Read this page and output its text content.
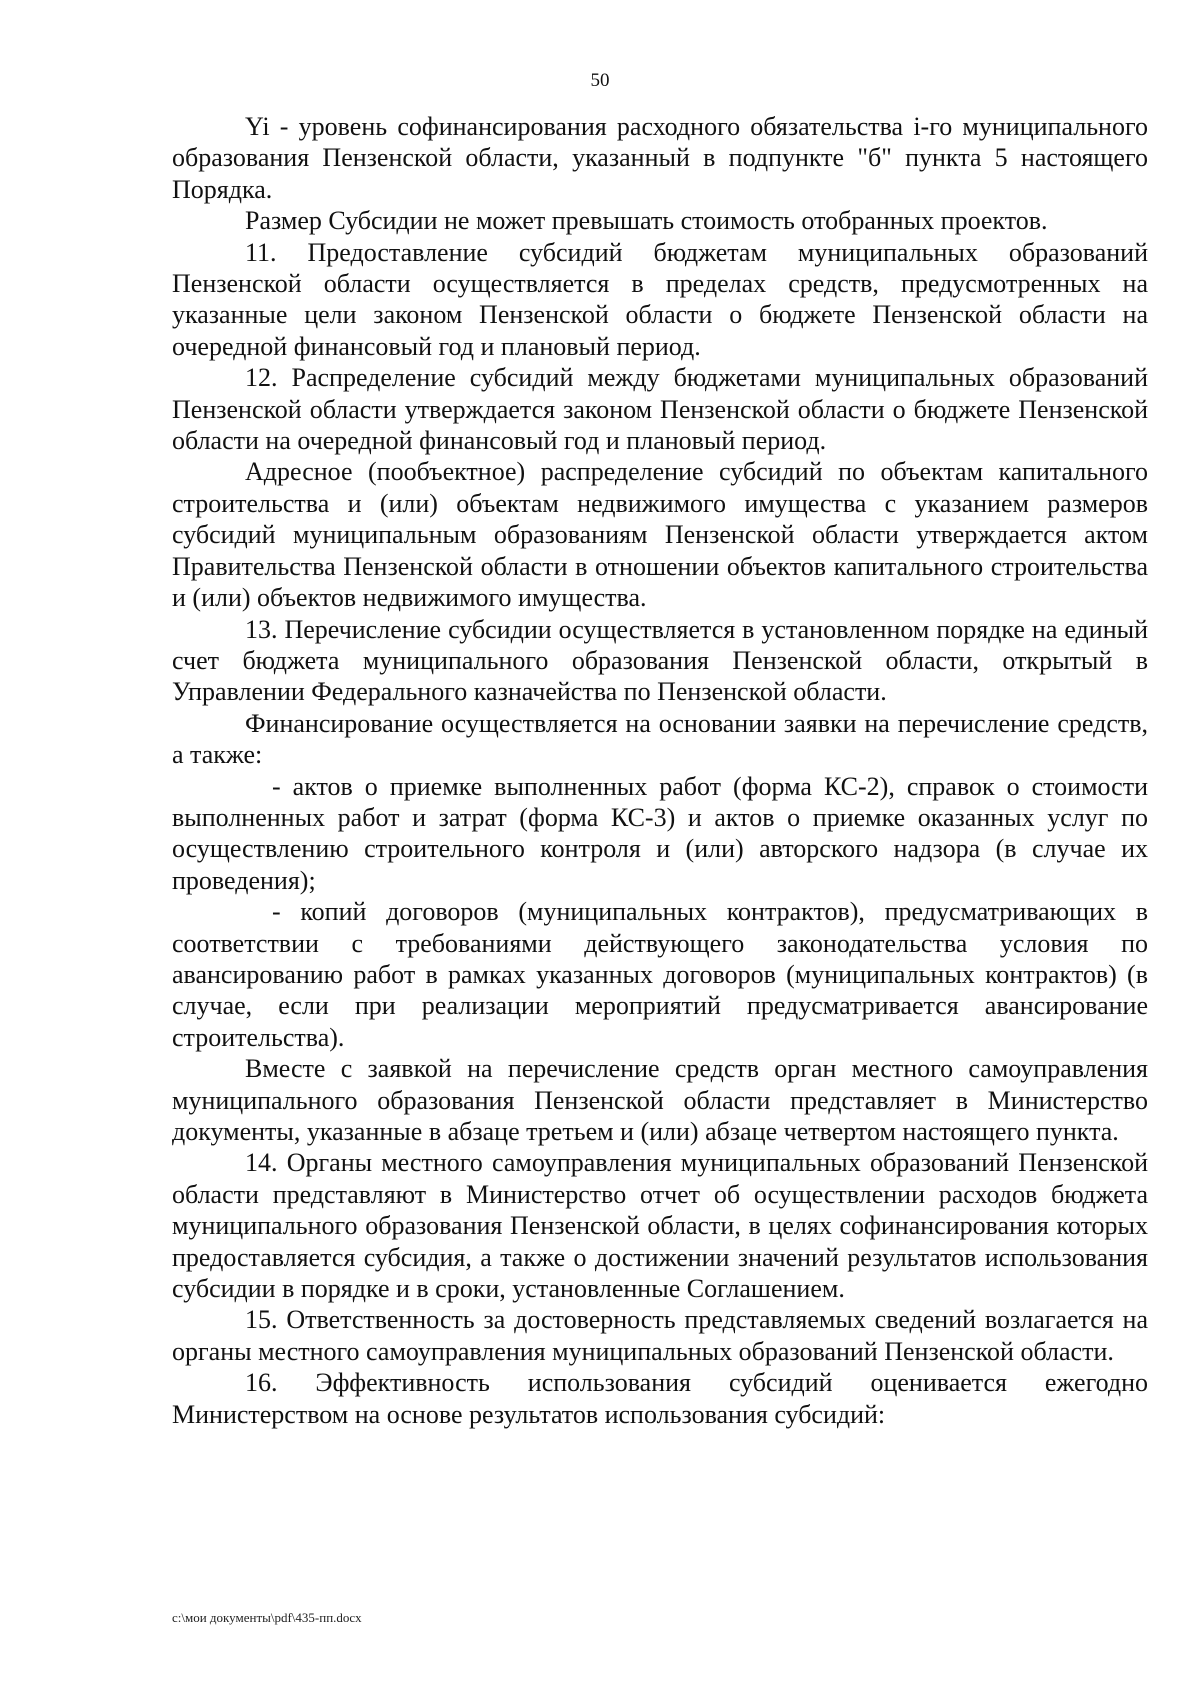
50

Yi - уровень софинансирования расходного обязательства i-го муниципального образования Пензенской области, указанный в подпункте "б" пункта 5 настоящего Порядка.

Размер Субсидии не может превышать стоимость отобранных проектов.

11. Предоставление субсидий бюджетам муниципальных образований Пензенской области осуществляется в пределах средств, предусмотренных на указанные цели законом Пензенской области о бюджете Пензенской области на очередной финансовый год и плановый период.

12. Распределение субсидий между бюджетами муниципальных образований Пензенской области утверждается законом Пензенской области о бюджете Пензенской области на очередной финансовый год и плановый период.

Адресное (пообъектное) распределение субсидий по объектам капитального строительства и (или) объектам недвижимого имущества с указанием размеров субсидий муниципальным образованиям Пензенской области утверждается актом Правительства Пензенской области в отношении объектов капитального строительства и (или) объектов недвижимого имущества.

13. Перечисление субсидии осуществляется в установленном порядке на единый счет бюджета муниципального образования Пензенской области, открытый в Управлении Федерального казначейства по Пензенской области.

Финансирование осуществляется на основании заявки на перечисление средств, а также:

- актов о приемке выполненных работ (форма КС-2), справок о стоимости выполненных работ и затрат (форма КС-3) и актов о приемке оказанных услуг по осуществлению строительного контроля и (или) авторского надзора (в случае их проведения);

- копий договоров (муниципальных контрактов), предусматривающих в соответствии с требованиями действующего законодательства условия по авансированию работ в рамках указанных договоров (муниципальных контрактов) (в случае, если при реализации мероприятий предусматривается авансирование строительства).

Вместе с заявкой на перечисление средств орган местного самоуправления муниципального образования Пензенской области представляет в Министерство документы, указанные в абзаце третьем и (или) абзаце четвертом настоящего пункта.

14. Органы местного самоуправления муниципальных образований Пензенской области представляют в Министерство отчет об осуществлении расходов бюджета муниципального образования Пензенской области, в целях софинансирования которых предоставляется субсидия, а также о достижении значений результатов использования субсидии в порядке и в сроки, установленные Соглашением.

15. Ответственность за достоверность представляемых сведений возлагается на органы местного самоуправления муниципальных образований Пензенской области.

16. Эффективность использования субсидий оценивается ежегодно Министерством на основе результатов использования субсидий:

c:\мои документы\pdf\435-пп.docx
